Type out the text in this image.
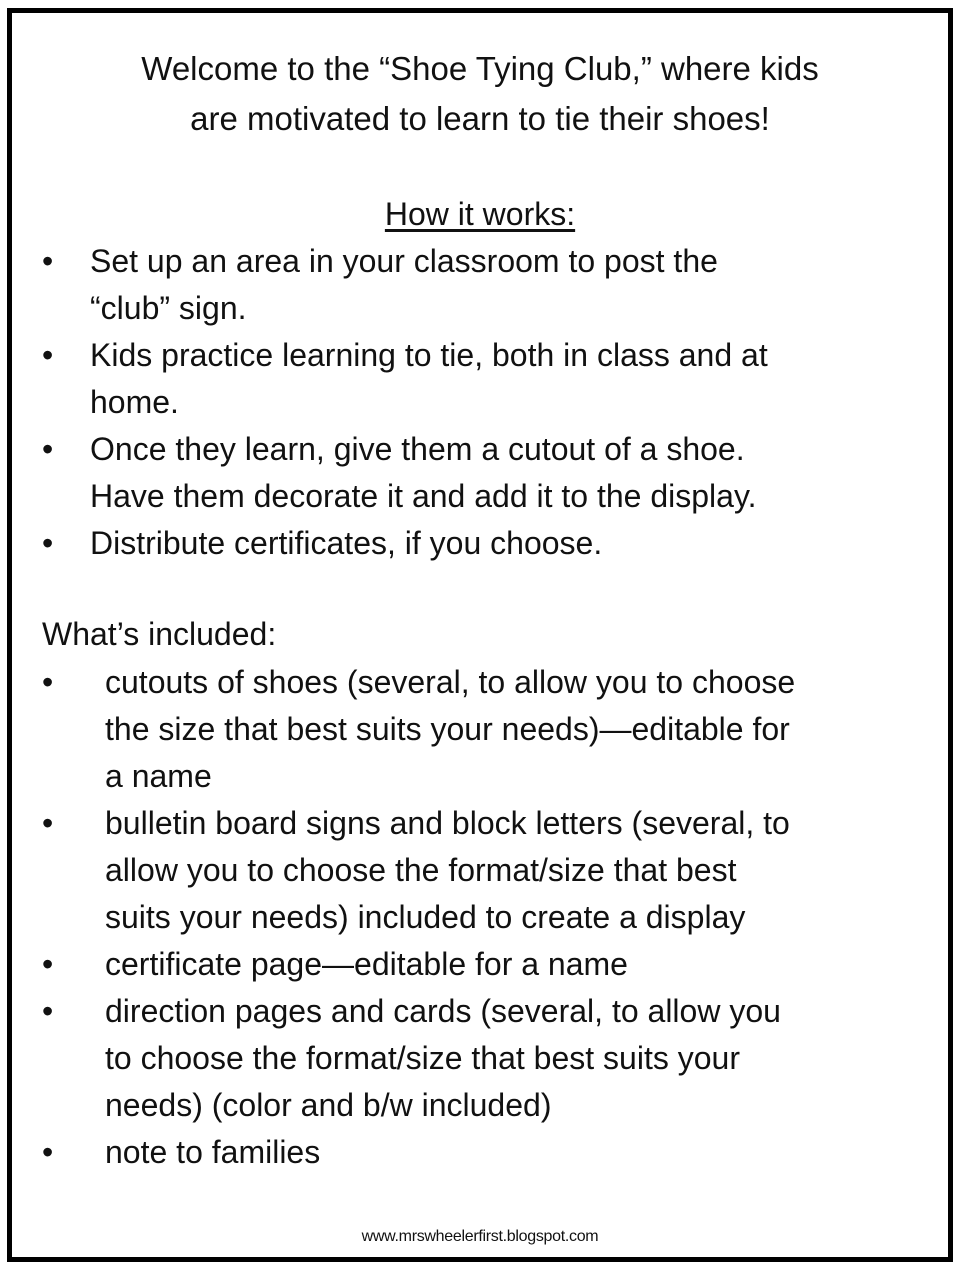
Welcome to the “Shoe Tying Club,” where kids
are motivated to learn to tie their shoes!
How it works:
• Set up an area in your classroom to post the
“club” sign.
• Kids practice learning to tie, both in class and at
home.
• Once they learn, give them a cutout of a shoe.
Have them decorate it and add it to the display.
• Distribute certificates, if you choose.
What’s included:
• cutouts of shoes (several, to allow you to choose
the size that best suits your needs)—editable for
a name
• bulletin board signs and block letters (several, to
allow you to choose the format/size that best
suits your needs) included to create a display
• certificate page—editable for a name
• direction pages and cards (several, to allow you
to choose the format/size that best suits your
needs) (color and b/w included)
• note to families
www.mrswheelerfirst.blogspot.com
